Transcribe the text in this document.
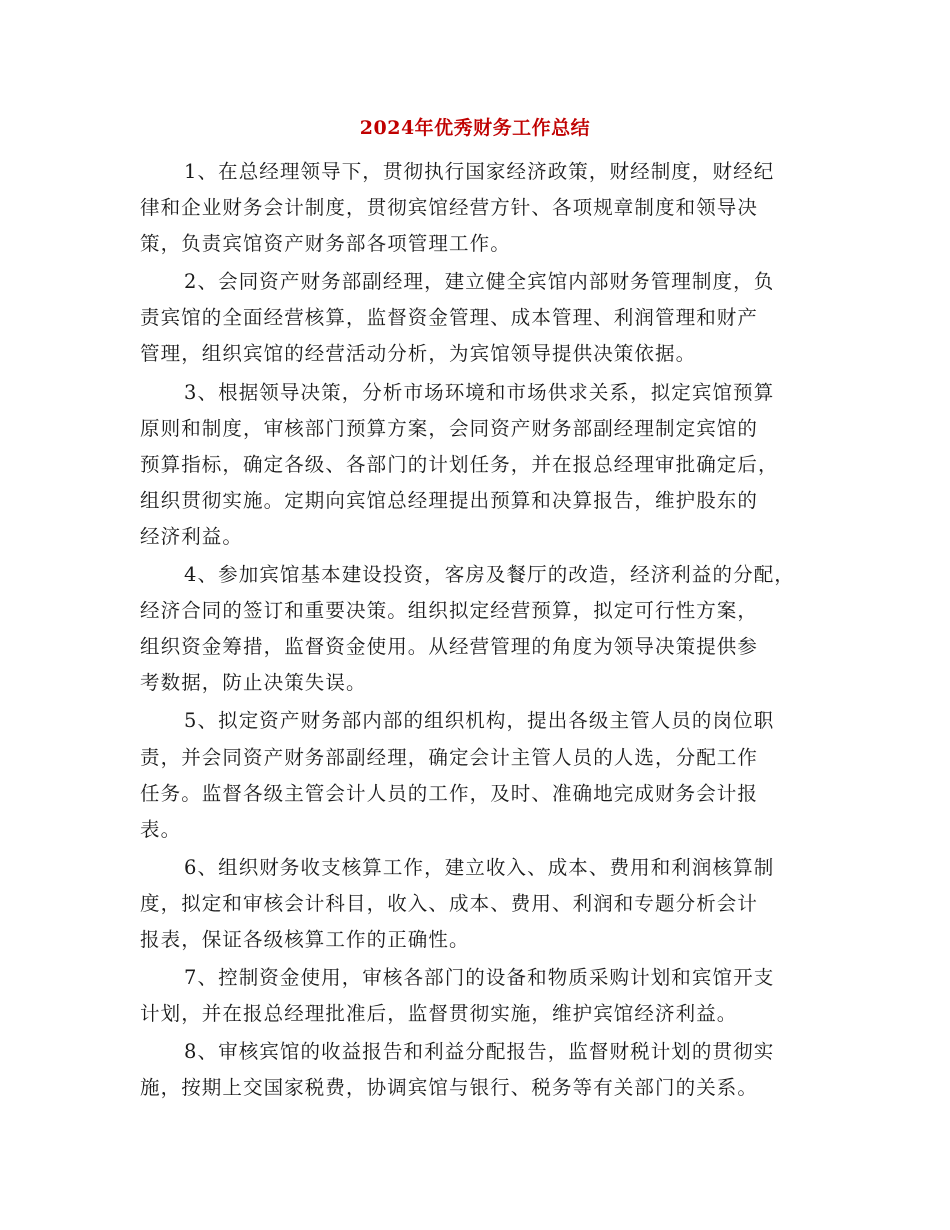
2024年优秀财务工作总结
1、在总经理领导下，贯彻执行国家经济政策，财经制度，财经纪
律和企业财务会计制度，贯彻宾馆经营方针、各项规章制度和领导决
策，负责宾馆资产财务部各项管理工作。
2、会同资产财务部副经理，建立健全宾馆内部财务管理制度，负
责宾馆的全面经营核算，监督资金管理、成本管理、利润管理和财产
管理，组织宾馆的经营活动分析，为宾馆领导提供决策依据。
3、根据领导决策，分析市场环境和市场供求关系，拟定宾馆预算
原则和制度，审核部门预算方案，会同资产财务部副经理制定宾馆的
预算指标，确定各级、各部门的计划任务，并在报总经理审批确定后，
组织贯彻实施。定期向宾馆总经理提出预算和决算报告，维护股东的
经济利益。
4、参加宾馆基本建设投资，客房及餐厅的改造，经济利益的分配，
经济合同的签订和重要决策。组织拟定经营预算，拟定可行性方案，
组织资金筹措，监督资金使用。从经营管理的角度为领导决策提供参
考数据，防止决策失误。
5、拟定资产财务部内部的组织机构，提出各级主管人员的岗位职
责，并会同资产财务部副经理，确定会计主管人员的人选，分配工作
任务。监督各级主管会计人员的工作，及时、准确地完成财务会计报
表。
6、组织财务收支核算工作，建立收入、成本、费用和利润核算制
度，拟定和审核会计科目，收入、成本、费用、利润和专题分析会计
报表，保证各级核算工作的正确性。
7、控制资金使用，审核各部门的设备和物质采购计划和宾馆开支
计划，并在报总经理批准后，监督贯彻实施，维护宾馆经济利益。
8、审核宾馆的收益报告和利益分配报告，监督财税计划的贯彻实
施，按期上交国家税费，协调宾馆与银行、税务等有关部门的关系。
